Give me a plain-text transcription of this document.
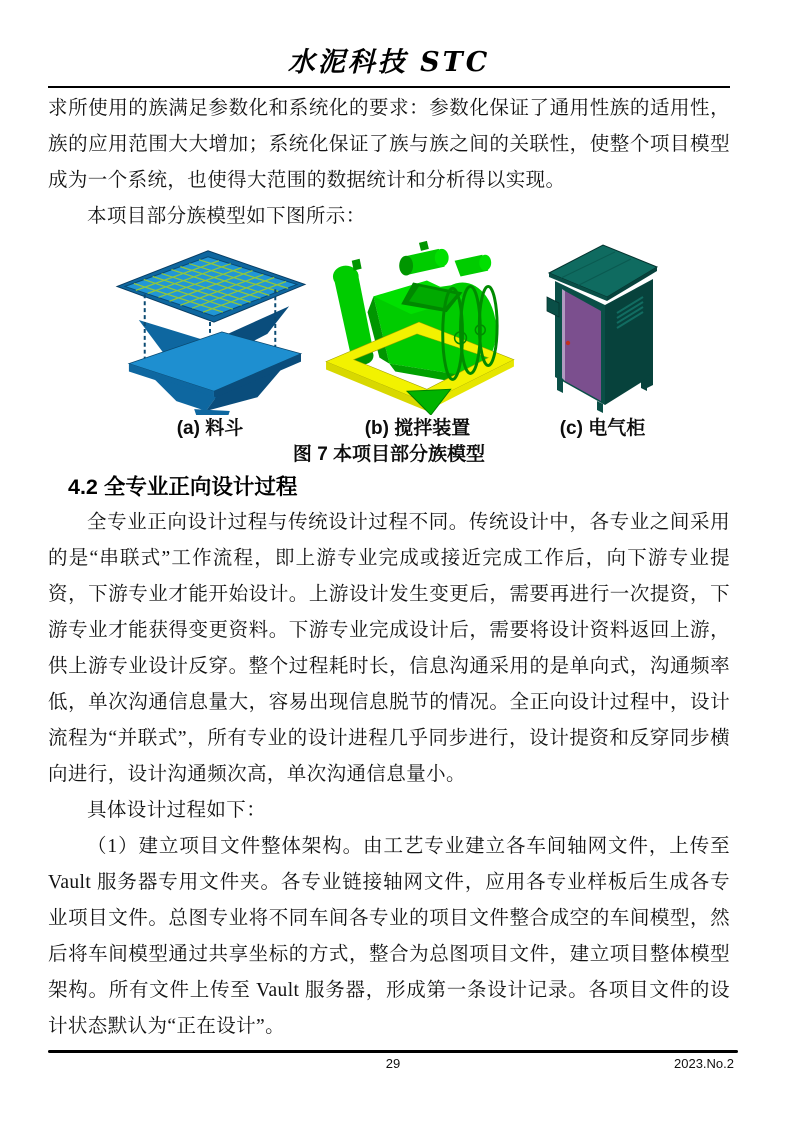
水泥科技 STC

求所使用的族满足参数化和系统化的要求：参数化保证了通用性族的适用性，族的应用范围大大增加；系统化保证了族与族之间的关联性，使整个项目模型成为一个系统，也使得大范围的数据统计和分析得以实现。

本项目部分族模型如下图所示：

(a) 料斗	(b) 搅拌装置	(c) 电气柜
图 7 本项目部分族模型
4.2 全专业正向设计过程

全专业正向设计过程与传统设计过程不同。传统设计中，各专业之间采用的是“串联式”工作流程，即上游专业完成或接近完成工作后，向下游专业提资，下游专业才能开始设计。上游设计发生变更后，需要再进行一次提资，下游专业才能获得变更资料。下游专业完成设计后，需要将设计资料返回上游，供上游专业设计反穿。整个过程耗时长，信息沟通采用的是单向式，沟通频率低，单次沟通信息量大，容易出现信息脱节的情况。全正向设计过程中，设计流程为“并联式”，所有专业的设计进程几乎同步进行，设计提资和反穿同步横向进行，设计沟通频次高，单次沟通信息量小。

具体设计过程如下：

（1）建立项目文件整体架构。由工艺专业建立各车间轴网文件，上传至 Vault 服务器专用文件夹。各专业链接轴网文件，应用各专业样板后生成各专业项目文件。总图专业将不同车间各专业的项目文件整合成空的车间模型，然后将车间模型通过共享坐标的方式，整合为总图项目文件，建立项目整体模型架构。所有文件上传至 Vault 服务器，形成第一条设计记录。各项目文件的设计状态默认为“正在设计”。

29	2023.No.2
